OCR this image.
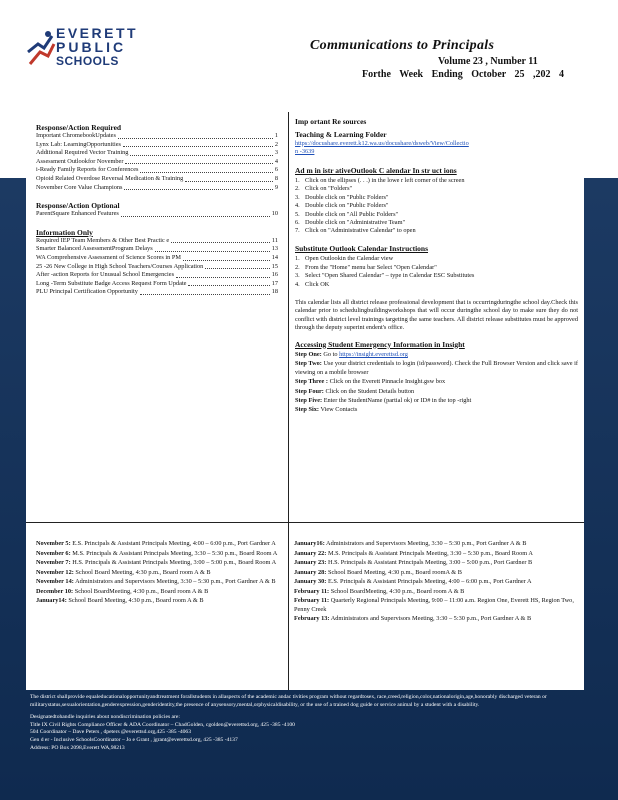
EVERETT
PUBLIC
SCHOOLS
Communications to Principals
Volume 23 , Number 11
Forthe Week Ending October 25 ,202 4
Response/Action Required
Important ChromebookUpdates	1
Lynx Lab: LearningOpportunities	2
Additional Required Vector Training	3
Assessment Outlookfor November	4
i-Ready Family Reports for Conferences	6
Opioid Related Overdose Reversal Medication & Training	8
November Core Value Champions	9
Response/Action Optional
ParentSquare Enhanced Features	10
Information Only
Required IEP Team Members & Other Best Practic e	11
Smarter Balanced AssessmentProgram Delays	13
WA Comprehensive Assessment of Science Scores in PM	14
25 -26 New College in High School Teachers/Courses Application	15
After -action Reports for Unusual School Emergencies	16
Long -Term Substitute Badge Access Request Form Update	17
PLU Principal Certification Opportunity	18
Imp ortant Re sources
Teaching & Learning Folder
https://docushare.everett.k12.wa.us/docushare/dsweb/View/Collection -3639
Ad m in istr ativeOutlook C alendar In str uct ions
1. Click on the ellipses (. . .) in the lowe r left corner of the screen
2. Click on "Folders"
3. Double click on "Public Folders"
4. Double click on "Public Folders"
5. Double click on "All Public Folders"
6. Double click on "Administrative Team"
7. Click on "Administrative Calendar" to open
Substitute Outlook Calendar Instructions
1. Open Outlookin the Calendar view
2. From the "Home" menu bar Select "Open Calendar"
3. Select "Open Shared Calendar" – type in Calendar ESC Substitutes
4. Click OK
This calendar lists all district release professional development that is occurringduringthe school day.Check this calendar prior to schedulingbuildingworkshops that will occur duringthe school day to make sure they do not conflict with district level trainings targeting the same teachers. All district release substitutes must be approved through the deputy superint endent's office.
Accessing Student Emergency Information in Insight
Step One: Go to https://insight.everettsd.org
Step Two: Use your district credentials to login (id/password). Check the Full Browser Version and click save if viewing on a mobile browser
Step Three : Click on the Everett Pinnacle Insight.gsw box
Step Four: Click on the Student Details button
Step Five: Enter the StudentName (partial ok) or ID# in the top -right
Step Six: View Contacts
November 5: E.S. Principals & Assistant Principals Meeting, 4:00 – 6:00 p.m., Port Gardner A
November 6: M.S. Principals & Assistant Principals Meeting, 3:30 – 5:30 p.m., Board Room A
November 7: H.S. Principals & Assistant Principals Meeting, 3:00 – 5:00 p.m., Board Room A
November 12: School Board Meeting, 4:30 p.m., Board room A & B
November 14: Administrators and Supervisors Meeting, 3:30 – 5:30 p.m., Port Gardner A & B
December 10: School BoardMeeting, 4:30 p.m., Board room A & B
January14: School Board Meeting, 4:30 p.m., Board room A & B
January16: Administrators and Supervisors Meeting, 3:30 – 5:30 p.m., Port Gardner A & B
January 22: M.S. Principals & Assistant Principals Meeting, 3:30 – 5:30 p.m., Board Room A
January 23: H.S. Principals & Assistant Principals Meeting, 3:00 – 5:00 p.m., Port Gardner B
January 28: School Board Meeting, 4:30 p.m., Board roomA & B
January 30: E.S. Principals & Assistant Principals Meeting, 4:00 – 6:00 p.m., Port Gardner A
February 11: School BoardMeeting, 4:30 p.m., Board room A & B
February 11: Quarterly Regional Principals Meeting, 9:00 – 11:00 a.m. Region One, Everett HS, Region Two, Penny Creek
February 13: Administrators and Supervisors Meeting, 3:30 – 5:30 p.m., Port Gardner A & B

The district shallprovide equaleducationalopportunityandtreatment forallstudents in allaspects of the academic andac tivities program without regardtosex, race,creed,religion,color,nationalorigin,age,honorably discharged veteran or militarystatus,sexualorientation,genderexpression,genderidentity,the presence of anysensory,mental,orphysicaldisability, or the use of a trained dog guide or service animal by a student with a disability.

Designatedtohandle inquiries about nondiscrimination policies are:
Title IX Civil Rights Compliance Officer & ADA Coordinator – ChadGolden, cgolden@everettsd.org, 425 -385 -4100
504 Coordinator – Dave Peters , dpeters @everettsd.org,425 -385 -4063
Gen d er - Inclusive SchoolsCoordinator – Jo e Grant , jgrant@everettsd.org, 425 -385 -4137
Address: PO Box 2098,Everett WA,98213
